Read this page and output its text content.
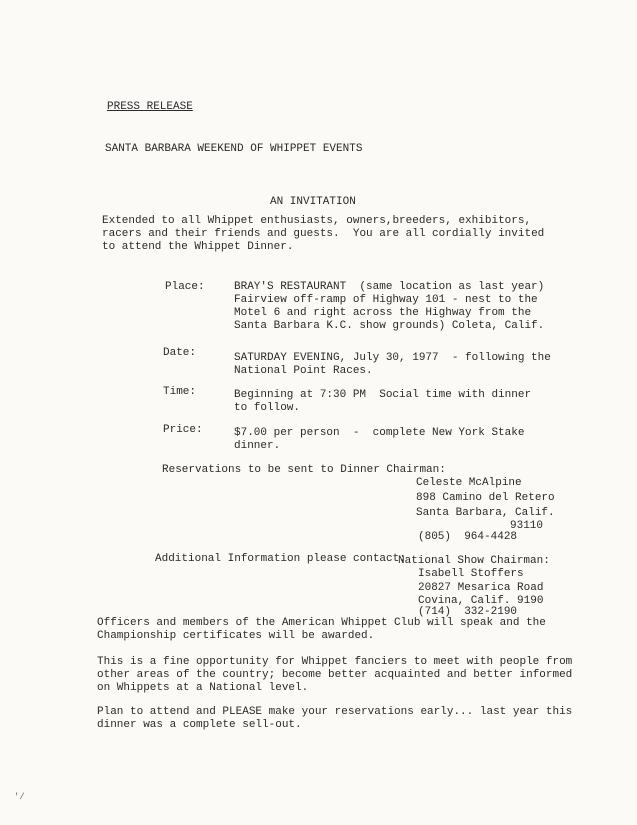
PRESS RELEASE
SANTA BARBARA WEEKEND OF WHIPPET EVENTS
AN INVITATION
Extended to all Whippet enthusiasts, owners,breeders, exhibitors,
racers and their friends and guests.  You are all cordially invited
to attend the Whippet Dinner.
Place:	BRAY'S RESTAURANT  (same location as last year)
Fairview off-ramp of Highway 101 - nest to the
Motel 6 and right across the Highway from the
Santa Barbara K.C. show grounds) Coleta, Calif.
Date:	SATURDAY EVENING, July 30, 1977  - following the
National Point Races.
Time:	Beginning at 7:30 PM  Social time with dinner
to follow.
Price:	$7.00 per person  -  complete New York Stake
dinner.
Reservations to be sent to Dinner Chairman:
Celeste McAlpine
898 Camino del Retero
Santa Barbara, Calif.
93110
(805)  964-4428
Additional Information please contact:
National Show Chairman:
Isabell Stoffers
20827 Mesarica Road
Covina, Calif. 9190
(714)  332-2190
Officers and members of the American Whippet Club will speak and the
Championship certificates will be awarded.
This is a fine opportunity for Whippet fanciers to meet with people from
other areas of the country; become better acquainted and better informed
on Whippets at a National level.
Plan to attend and PLEASE make your reservations early... last year this
dinner was a complete sell-out.
'/
